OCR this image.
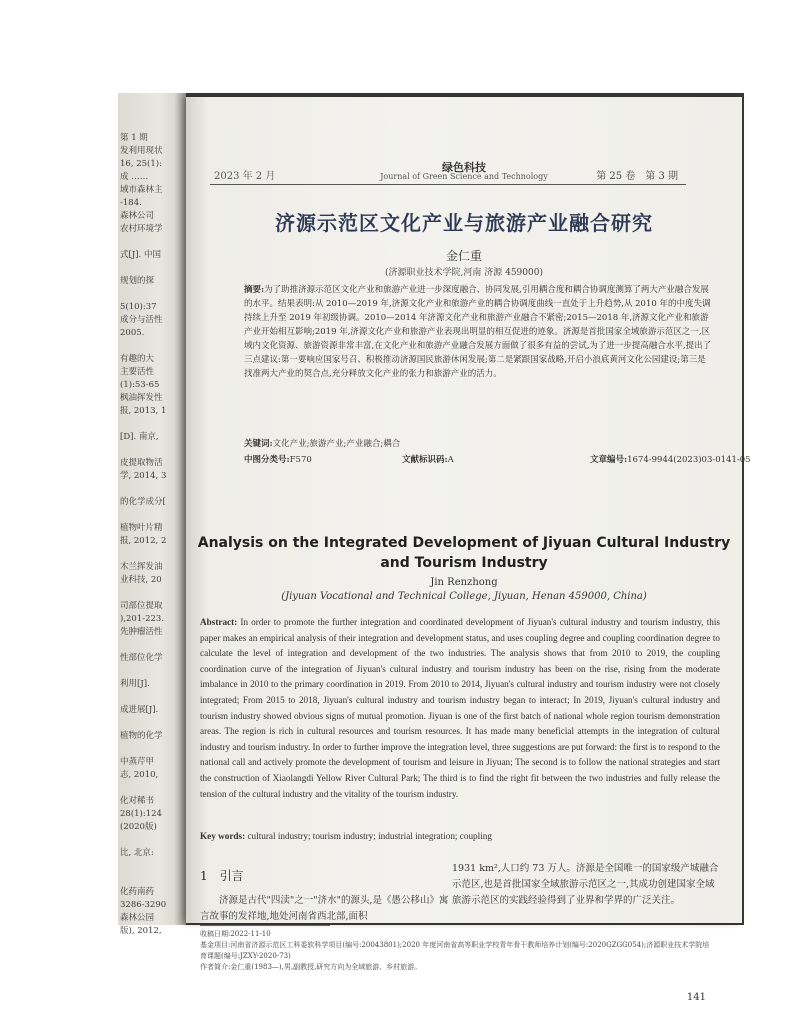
版), 2012,
森林公园
3286-3290
化药南药
比, 北京:
(2020版)
28(1):124
化对稀书
志, 2010,
中蒸芹甲
植物的化学
成进展[J].
利用[J].
性部位化学
先肿瘤活性
),201-223.
司部位提取
业科技, 20
木兰挥发油
报, 2012, 2
植物叶片精
的化学成分[
学, 2014, 3
皮提取物活
[D]. 南京,
报, 2013, 1
枫油挥发性
(1):53-65
主要活性
有趣的大
2005.
成分与活性
5(10):37
规划的探
式[J]. 中国
农村环境学
森林公司
-184.
域市森林主
成 ……
16, 25(1):
发利用现状
第 1 期
2023 年 2 月
绿色科技
Journal of Green Science and Technology	第 25 卷　第 3 期
济源示范区文化产业与旅游产业融合研究
金仁重
(济源职业技术学院,河南 济源 459000)
摘要:为了助推济源示范区文化产业和旅游产业进一步深度融合、协同发展,引用耦合度和耦合协调度测算了两大产业融合发展的水平。结果表明:从 2010—2019 年,济源文化产业和旅游产业的耦合协调度曲线一直处于上升趋势,从 2010 年的中度失调持续上升至 2019 年初级协调。2010—2014 年济源文化产业和旅游产业融合不紧密;2015—2018 年,济源文化产业和旅游产业开始相互影响;2019 年,济源文化产业和旅游产业表现出明显的相互促进的迹象。济源是首批国家全域旅游示范区之一,区域内文化资源、旅游资源非常丰富,在文化产业和旅游产业融合发展方面做了很多有益的尝试,为了进一步提高融合水平,提出了三点建议:第一要响应国家号召、积极推动济源国民旅游休闲发展;第二是紧跟国家战略,开启小浪底黄河文化公园建设;第三是找准两大产业的契合点,充分释放文化产业的张力和旅游产业的活力。
关键词:文化产业;旅游产业;产业融合;耦合
中图分类号:F570	文献标识码:A	文章编号:1674-9944(2023)03-0141-05
Analysis on the Integrated Development of Jiyuan Cultural Industry and Tourism Industry
Jin Renzhong
(Jiyuan Vocational and Technical College, Jiyuan, Henan 459000, China)
Abstract: In order to promote the further integration and coordinated development of Jiyuan's cultural industry and tourism industry, this paper makes an empirical analysis of their integration and development status, and uses coupling degree and coupling coordination degree to calculate the level of integration and development of the two industries. The analysis shows that from 2010 to 2019, the coupling coordination curve of the integration of Jiyuan's cultural industry and tourism industry has been on the rise, rising from the moderate imbalance in 2010 to the primary coordination in 2019. From 2010 to 2014, Jiyuan's cultural industry and tourism industry were not closely integrated; From 2015 to 2018, Jiyuan's cultural industry and tourism industry began to interact; In 2019, Jiyuan's cultural industry and tourism industry showed obvious signs of mutual promotion. Jiyuan is one of the first batch of national whole region tourism demonstration areas. The region is rich in cultural resources and tourism resources. It has made many beneficial attempts in the integration of cultural industry and tourism industry. In order to further improve the integration level, three suggestions are put forward: the first is to respond to the national call and actively promote the development of tourism and leisure in Jiyuan; The second is to follow the national strategies and start the construction of Xiaolangdi Yellow River Cultural Park; The third is to find the right fit between the two industries and fully release the tension of the cultural industry and the vitality of the tourism industry.
Key words: cultural industry; tourism industry; industrial integration; coupling
1　引言
济源是古代"四渎"之一"济水"的源头,是《愚公移山》寓言故事的发祥地,地处河南省西北部,面积
1931 km²,人口约 73 万人。济源是全国唯一的国家级产城融合示范区,也是首批国家全域旅游示范区之一,其成功创建国家全域旅游示范区的实践经验得到了业界和学界的广泛关注。
收稿日期:2022-11-10
基金项目:河南省济源示范区工科委软科学项目(编号:20043801);2020 年度河南省高等职业学校青年骨干教师培养计划(编号:2020GZGG054);济源职业技术学院培育课题(编号:JZXY-2020-73)
作者简介:金仁重(1983—),男,副教授,研究方向为全域旅游、乡村旅游。
141
